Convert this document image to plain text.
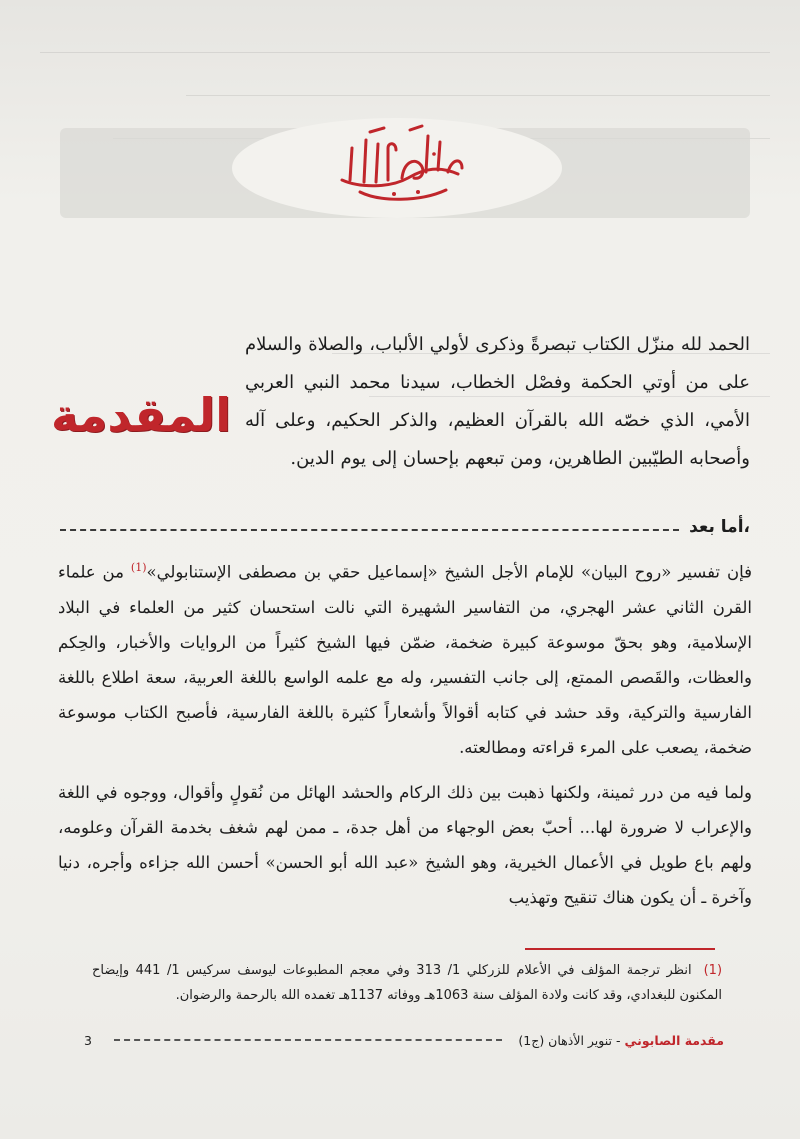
المقدمة
الحمد لله منزّل الكتاب تبصرةً وذكرى لأولي الألباب، والصلاة والسلام على من أوتي الحكمة وفصْل الخطاب، سيدنا محمد النبي العربي الأمي، الذي خصّه الله بالقرآن العظيم، والذكر الحكيم، وعلى آله وأصحابه الطيّبين الطاهرين، ومن تبعهم بإحسان إلى يوم الدين.
أما بعد،

فإن تفسير «روح البيان» للإمام الأجل الشيخ «إسماعيل حقي بن مصطفى الإستنابولي»$^{(1)}$ من علماء القرن الثاني عشر الهجري، من التفاسير الشهيرة التي نالت استحسان كثير من العلماء في البلاد الإسلامية، وهو بحقّ موسوعة كبيرة ضخمة، ضمّن فيها الشيخ كثيراً من الروايات والأخبار، والحِكم والعظات، والقَصص الممتع، إلى جانب التفسير، وله مع علمه الواسع باللغة العربية، سعة اطلاع باللغة الفارسية والتركية، وقد حشد في كتابه أقوالاً وأشعاراً كثيرة باللغة الفارسية، فأصبح الكتاب موسوعة ضخمة، يصعب على المرء قراءته ومطالعته.

ولما فيه من درر ثمينة، ولكنها ذهبت بين ذلك الركام والحشد الهائل من نُقولٍ وأقوال، ووجوه في اللغة والإعراب لا ضرورة لها... أحبّ بعض الوجهاء من أهل جدة، ـ ممن لهم شغف بخدمة القرآن وعلومه، ولهم باع طويل في الأعمال الخيرية، وهو الشيخ «عبد الله أبو الحسن» أحسن الله جزاءه وأجره، دنيا وآخرة ـ أن يكون هناك تنقيح وتهذيب

(1)انظر ترجمة المؤلف في الأعلام للزركلي 1/ 313 وفي معجم المطبوعات ليوسف سركيس 1/ 441 وإيضاح المكنون للبغدادي، وقد كانت ولادة المؤلف سنة 1063هـ ووفاته 1137هـ تغمده الله بالرحمة والرضوان.
مقدمة الصابوني
-
تنوير الأذهان (ج1)
3
